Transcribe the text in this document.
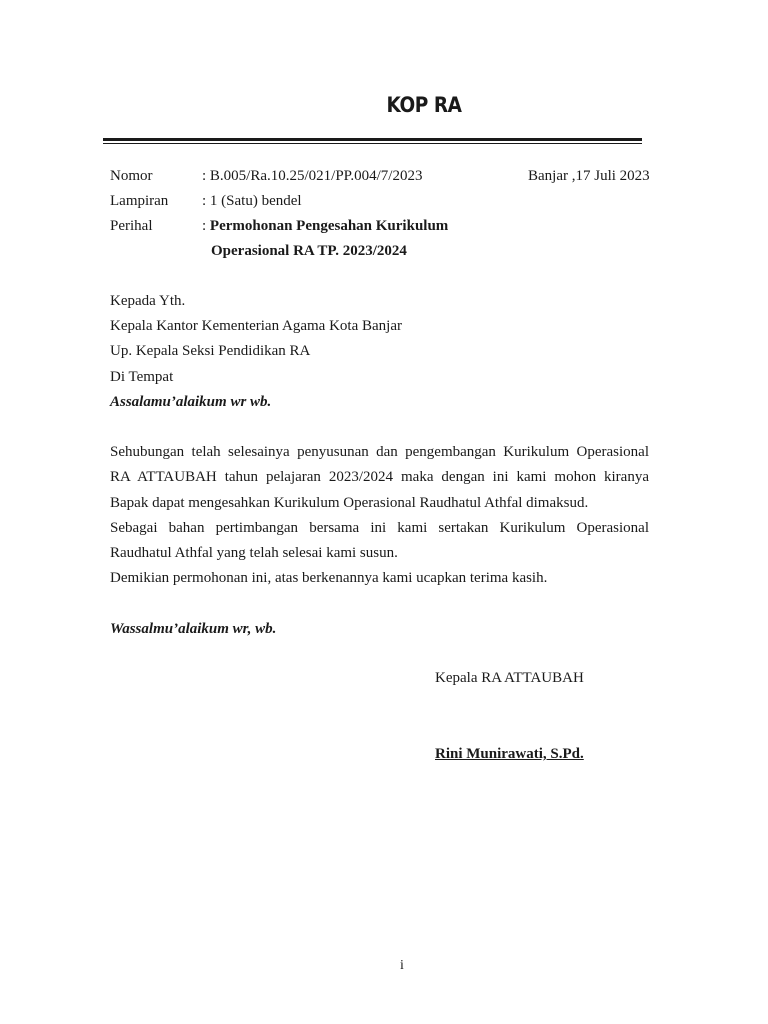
KOP RA
Nomor	: B.005/Ra.10.25/021/PP.004/7/2023	Banjar ,17 Juli 2023
Lampiran : 1 (Satu) bendel
Perihal	: Permohonan Pengesahan Kurikulum
Operasional RA TP. 2023/2024
Kepada Yth.
Kepala Kantor Kementerian Agama Kota Banjar
Up. Kepala Seksi Pendidikan RA
Di Tempat
Assalamu’alaikum wr wb.
Sehubungan telah selesainya penyusunan dan pengembangan Kurikulum Operasional
RA ATTAUBAH tahun pelajaran 2023/2024 maka dengan ini kami mohon kiranya
Bapak dapat mengesahkan Kurikulum Operasional Raudhatul Athfal dimaksud.
Sebagai bahan pertimbangan bersama ini kami sertakan Kurikulum Operasional
Raudhatul Athfal yang telah selesai kami susun.
Demikian permohonan ini, atas berkenannya kami ucapkan terima kasih.
Wassalmu’alaikum wr, wb.
Kepala RA ATTAUBAH
Rini Munirawati, S.Pd.
i
